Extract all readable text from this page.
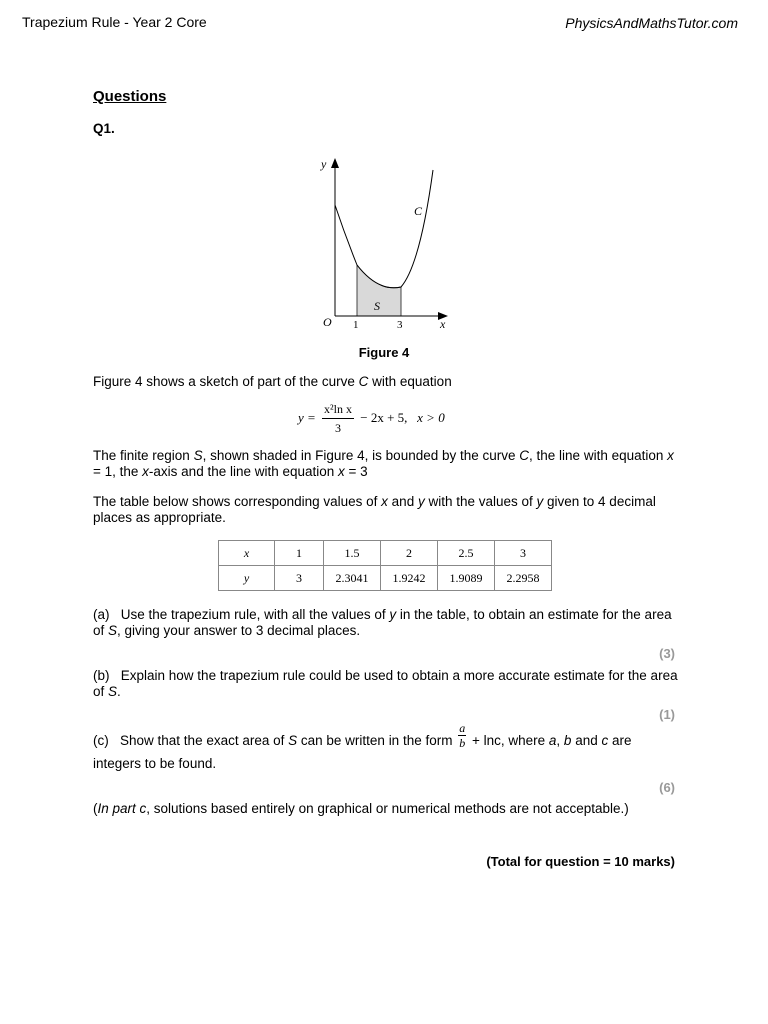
Trapezium Rule - Year 2 Core	PhysicsAndMathsTutor.com
Questions
Q1.
y
x
O
C
S
1	3
Figure 4
Figure 4 shows a sketch of part of the curve C with equation
$y = \frac{\text{x²ln x}}{3} - 2x + 5$, x > 0
The finite region S, shown shaded in Figure 4, is bounded by the curve C, the line with equation x = 1, the x-axis and the line with equation x = 3
The table below shows corresponding values of x and y with the values of y given to 4 decimal places as appropriate.
x	1	1.5	2	2.5	3
y	3	2.3041	1.9242	1.9089	2.2958
(a) Use the trapezium rule, with all the values of y in the table, to obtain an estimate for the area of S, giving your answer to 3 decimal places.
(3)
(b) Explain how the trapezium rule could be used to obtain a more accurate estimate for the area of S.
(1)
(c) Show that the exact area of S can be written in the form $\frac{a}{b} + \ln c$, where a, b and c are integers to be found.
(6)
(In part c, solutions based entirely on graphical or numerical methods are not acceptable.)
(Total for question = 10 marks)
